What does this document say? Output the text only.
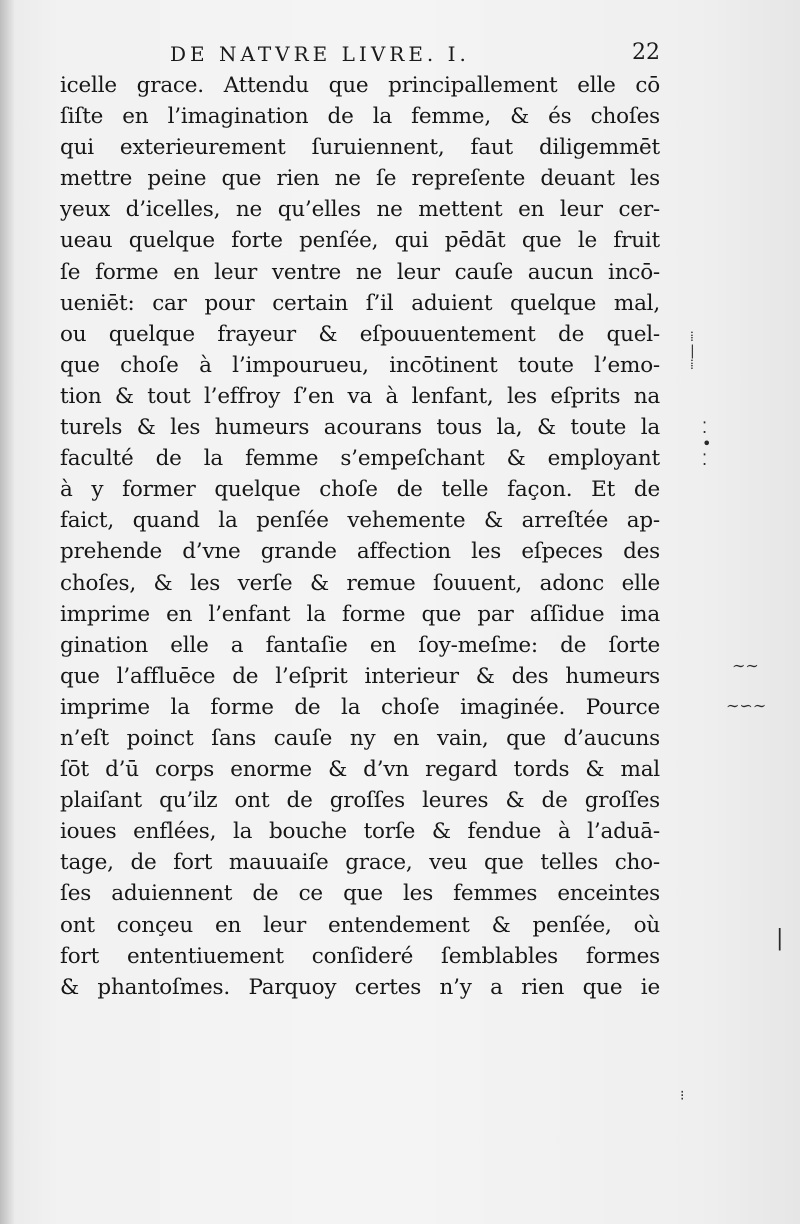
DE NATVRE LIVRE. I.	22
icelle grace. Attendu que principallement elle cō
ſiſte en l’imagination de la femme, & és choſes
qui exterieurement ſuruiennent, faut diligemmēt
mettre peine que rien ne ſe repreſente deuant les
yeux d’icelles, ne qu’elles ne mettent en leur cer-
ueau quelque forte penſée, qui pēdāt que le fruit
ſe forme en leur ventre ne leur cauſe aucun incō-
ueniēt: car pour certain ſ’il aduient quelque mal,
ou quelque frayeur & eſpouuentement de quel-
que choſe à l’impourueu, incōtinent toute l’emo-
tion & tout l’effroy ſ’en va à lenfant, les eſprits na
turels & les humeurs acourans tous la, & toute la
faculté de la femme s’empeſchant & employant
à y former quelque choſe de telle façon. Et de
faict, quand la penſée vehemente & arreſtée ap-
prehende d’vne grande affection les eſpeces des
choſes, & les verſe & remue ſouuent, adonc elle
imprime en l’enfant la forme que par aſſidue ima
gination elle a fantaſie en ſoy-meſme: de ſorte
que l’affluēce de l’eſprit interieur & des humeurs
imprime la forme de la choſe imaginée. Pource
n’eſt poinct ſans cauſe ny en vain, que d’aucuns
ſōt d’ū corps enorme & d’vn regard tords & mal
plaiſant qu’ilz ont de groſſes leures & de groſſes
ioues enflées, la bouche torſe & fendue à l’aduā-
tage, de fort mauuaiſe grace, veu que telles cho-
ſes aduiennent de ce que les femmes enceintes
ont conçeu en leur entendement & penſée, où
fort ententiuement conſideré ſemblables formes
& phantoſmes. Parquoy certes n’y a rien que ie
⁞
|
⁞
⁚
•
⁚
∼∼
∼∽∼
|
⁝
